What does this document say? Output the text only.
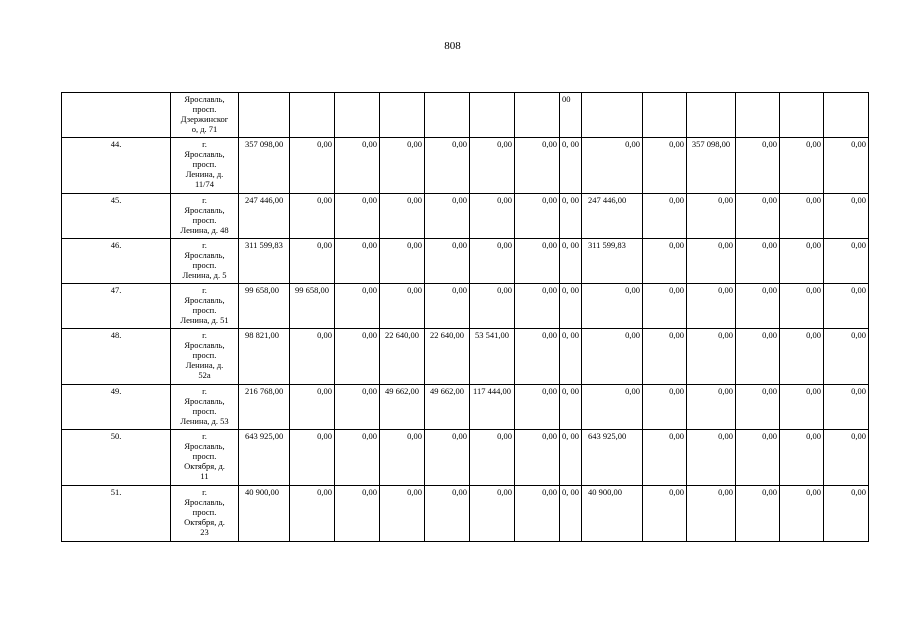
808

	Ярославль,
просп.
Дзержинског
о, д. 71								00						
44.	г.
Ярославль,
просп.
Ленина, д.
11/74	357 098,00	0,00	0,00	0,00	0,00	0,00	0,00	0, 00	0,00	0,00	357 098,00	0,00	0,00	0,00
45.	г.
Ярославль,
просп.
Ленина, д. 48	247 446,00	0,00	0,00	0,00	0,00	0,00	0,00	0, 00	247 446,00	0,00	0,00	0,00	0,00	0,00
46.	г.
Ярославль,
просп.
Ленина, д. 5	311 599,83	0,00	0,00	0,00	0,00	0,00	0,00	0, 00	311 599,83	0,00	0,00	0,00	0,00	0,00
47.	г.
Ярославль,
просп.
Ленина, д. 51	99 658,00	99 658,00	0,00	0,00	0,00	0,00	0,00	0, 00	0,00	0,00	0,00	0,00	0,00	0,00
48.	г.
Ярославль,
просп.
Ленина, д.
52а	98 821,00	0,00	0,00	22 640,00	22 640,00	53 541,00	0,00	0, 00	0,00	0,00	0,00	0,00	0,00	0,00
49.	г.
Ярославль,
просп.
Ленина, д. 53	216 768,00	0,00	0,00	49 662,00	49 662,00	117 444,00	0,00	0, 00	0,00	0,00	0,00	0,00	0,00	0,00
50.	г.
Ярославль,
просп.
Октября, д.
11	643 925,00	0,00	0,00	0,00	0,00	0,00	0,00	0, 00	643 925,00	0,00	0,00	0,00	0,00	0,00
51.	г.
Ярославль,
просп.
Октября, д.
23	40 900,00	0,00	0,00	0,00	0,00	0,00	0,00	0, 00	40 900,00	0,00	0,00	0,00	0,00	0,00
